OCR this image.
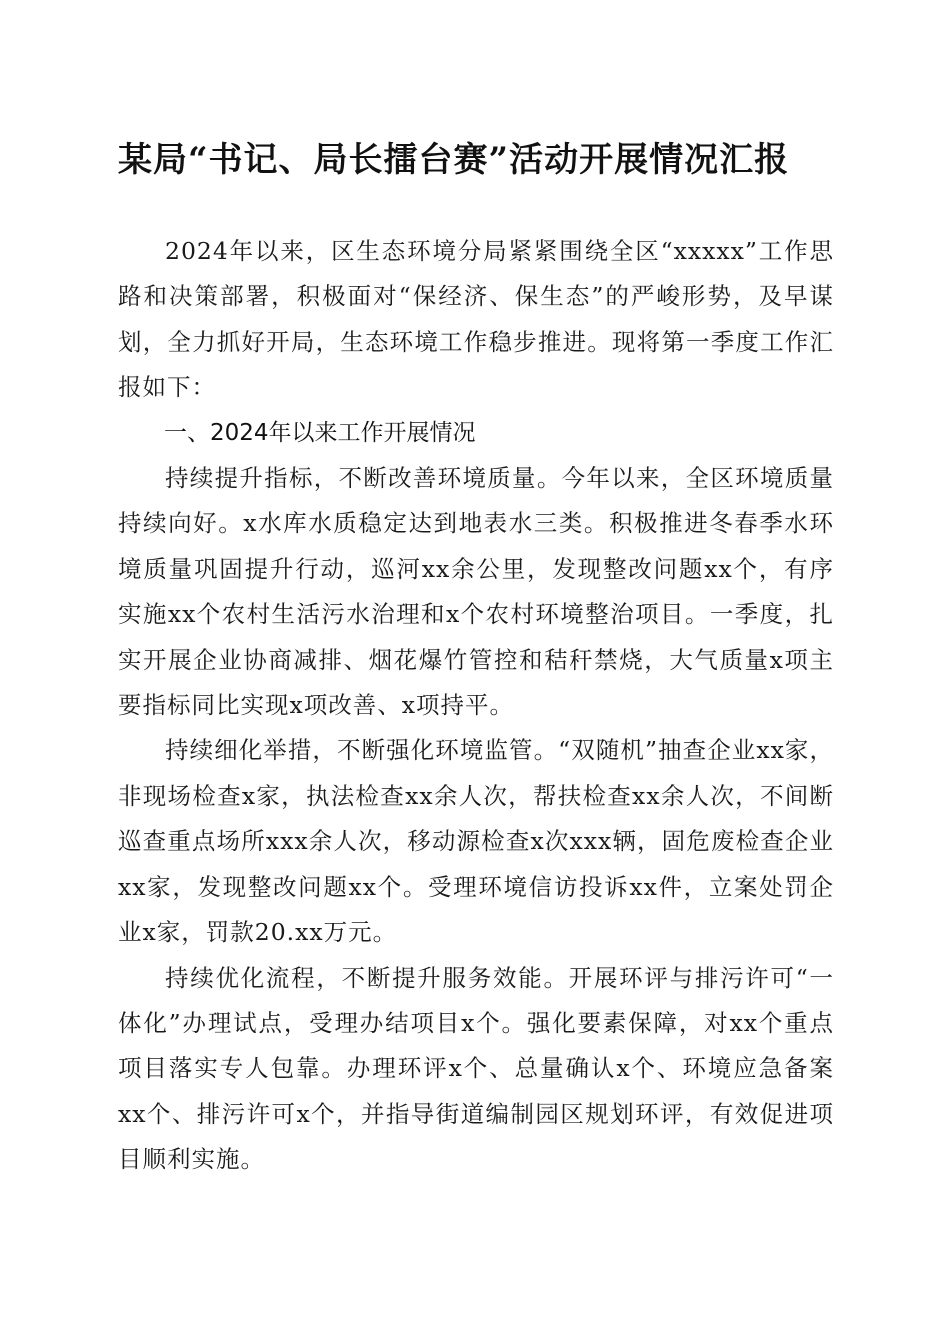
某局“书记、局长擂台赛”活动开展情况汇报

2024年以来，区生态环境分局紧紧围绕全区“xxxxx”工作思路和决策部署，积极面对“保经济、保生态”的严峻形势，及早谋划，全力抓好开局，生态环境工作稳步推进。现将第一季度工作汇报如下：

一、2024年以来工作开展情况

持续提升指标，不断改善环境质量。今年以来，全区环境质量持续向好。x水库水质稳定达到地表水三类。积极推进冬春季水环境质量巩固提升行动，巡河xx余公里，发现整改问题xx个，有序实施xx个农村生活污水治理和x个农村环境整治项目。一季度，扎实开展企业协商减排、烟花爆竹管控和秸秆禁烧，大气质量x项主要指标同比实现x项改善、x项持平。

持续细化举措，不断强化环境监管。“双随机”抽查企业xx家，非现场检查x家，执法检查xx余人次，帮扶检查xx余人次，不间断巡查重点场所xxx余人次，移动源检查x次xxx辆，固危废检查企业xx家，发现整改问题xx个。受理环境信访投诉xx件，立案处罚企业x家，罚款20.xx万元。

持续优化流程，不断提升服务效能。开展环评与排污许可“一体化”办理试点，受理办结项目x个。强化要素保障，对xx个重点项目落实专人包靠。办理环评x个、总量确认x个、环境应急备案xx个、排污许可x个，并指导街道编制园区规划环评，有效促进项目顺利实施。
